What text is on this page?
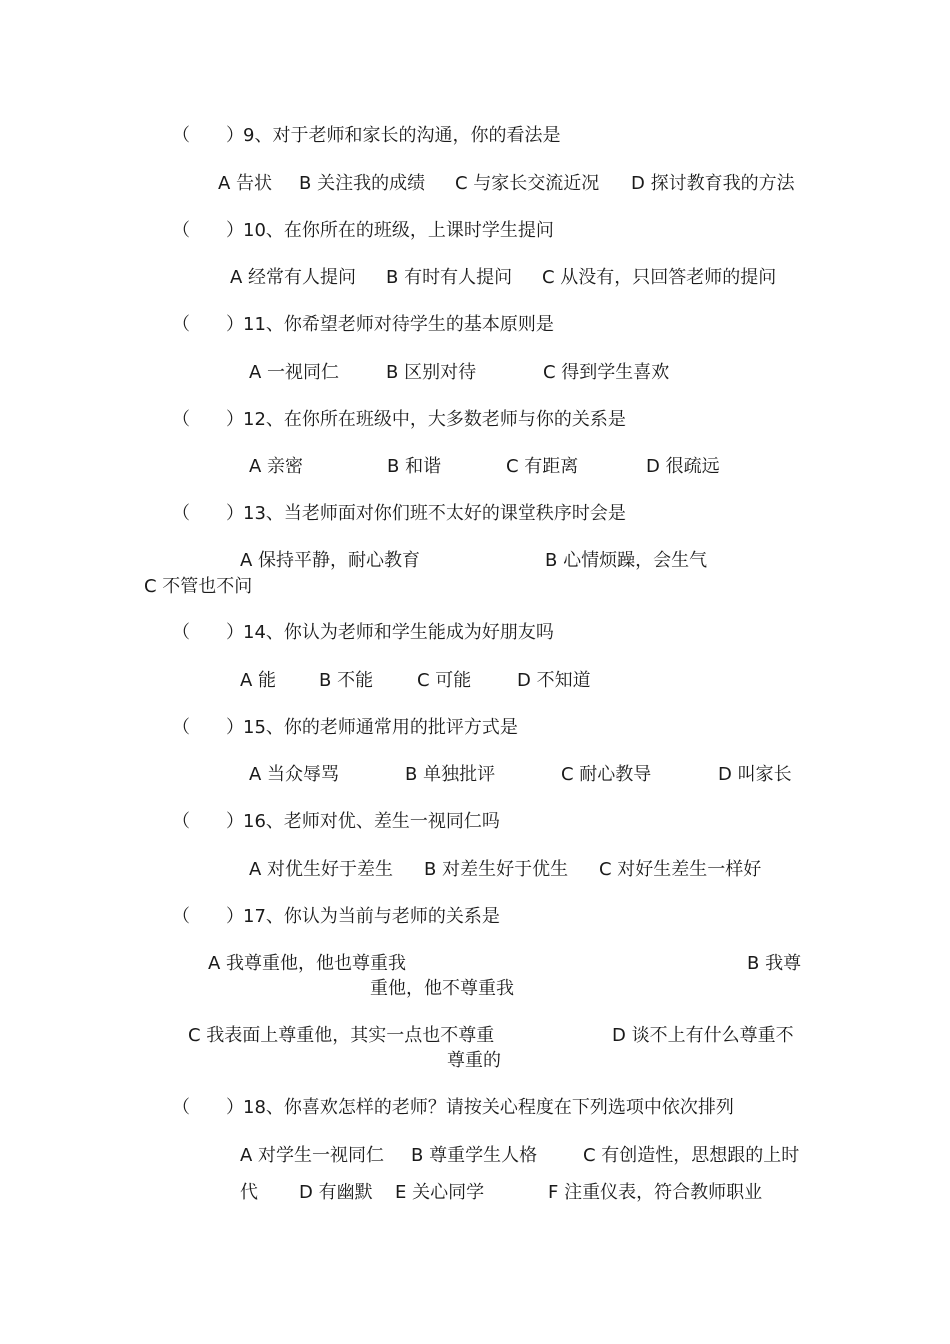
（　　）9、对于老师和家长的沟通，你的看法是
A 告状 B 关注我的成绩 C 与家长交流近况 D 探讨教育我的方法
（　　）10、在你所在的班级，上课时学生提问
A 经常有人提问 B 有时有人提问 C 从没有，只回答老师的提问
（　　）11、你希望老师对待学生的基本原则是
A 一视同仁	B 区别对待	C 得到学生喜欢
（　　）12、在你所在班级中，大多数老师与你的关系是
A 亲密	B 和谐	C 有距离	D 很疏远
（　　）13、当老师面对你们班不太好的课堂秩序时会是
A 保持平静，耐心教育	B 心情烦躁，会生气
C 不管也不问
（　　）14、你认为老师和学生能成为好朋友吗
A 能 B 不能 C 可能	D 不知道
（　　）15、你的老师通常用的批评方式是
A 当众辱骂	B 单独批评	C 耐心教导	D 叫家长
（　　）16、老师对优、差生一视同仁吗
A 对优生好于差生 B 对差生好于优生 C 对好生差生一样好
（　　）17、你认为当前与老师的关系是
A 我尊重他，他也尊重我	B 我尊
重他，他不尊重我
C 我表面上尊重他，其实一点也不尊重	D 谈不上有什么尊重不
尊重的
（　　）18、你喜欢怎样的老师？请按关心程度在下列选项中依次排列
A 对学生一视同仁 B 尊重学生人格	C 有创造性，思想跟的上时
代 D 有幽默 E 关心同学	F 注重仪表，符合教师职业
